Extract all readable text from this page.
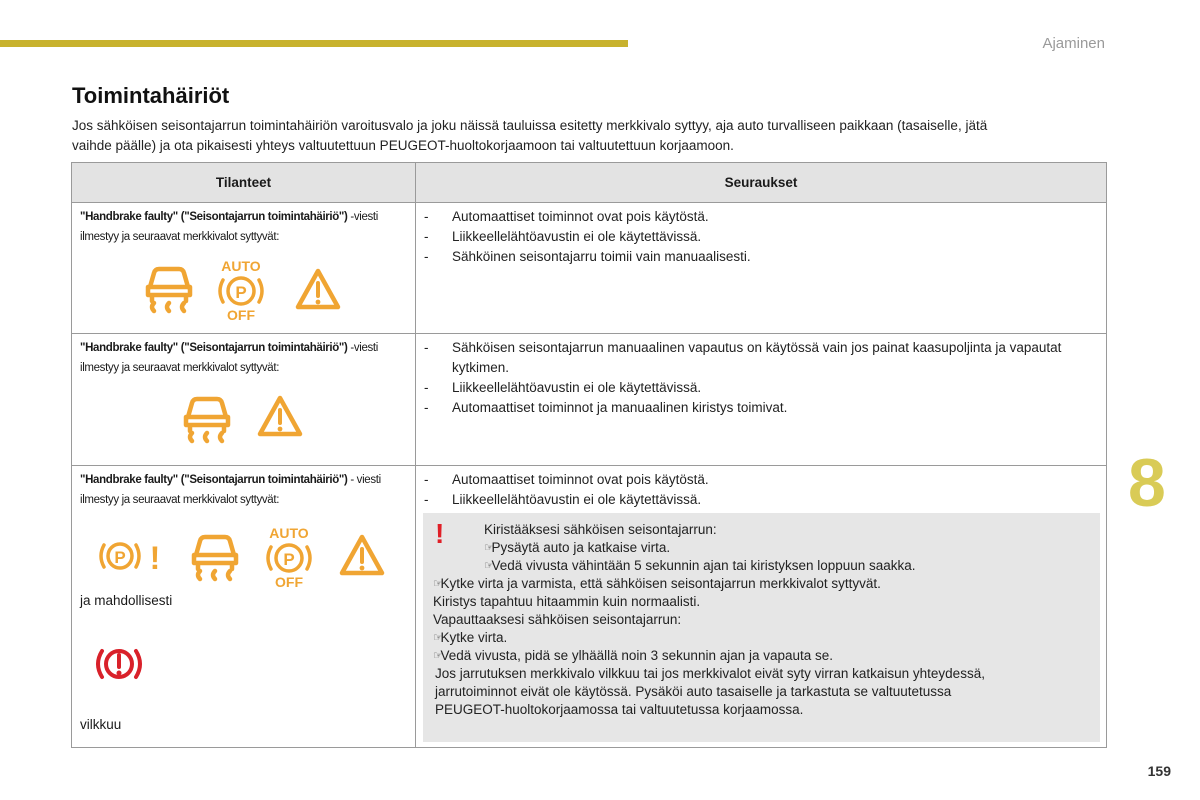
Ajaminen
Toimintahäiriöt
Jos sähköisen seisontajarrun toimintahäiriön varoitusvalo ja joku näissä tauluissa esitetty merkkivalo syttyy, aja auto turvalliseen paikkaan (tasaiselle, jätä
vaihde päälle) ja ota pikaisesti yhteys valtuutettuun PEUGEOT-huoltokorjaamoon tai valtuutettuun korjaamoon.
Tilanteet	Seuraukset
"Handbrake faulty" ("Seisontajarrun toimintahäiriö") -viesti ilmestyy ja seuraavat merkkivalot syttyvät:
AUTO
P
OFF
- Automaattiset toiminnot ovat pois käytöstä.
- Liikkeellelähtöavustin ei ole käytettävissä.
- Sähköinen seisontajarru toimii vain manuaalisesti.
"Handbrake faulty" ("Seisontajarrun toimintahäiriö") -viesti ilmestyy ja seuraavat merkkivalot syttyvät:
- Sähköisen seisontajarrun manuaalinen vapautus on käytössä vain jos painat kaasupoljinta ja vapautat kytkimen.
- Liikkeellelähtöavustin ei ole käytettävissä.
- Automaattiset toiminnot ja manuaalinen kiristys toimivat.
"Handbrake faulty" ("Seisontajarrun toimintahäiriö") - viesti ilmestyy ja seuraavat merkkivalot syttyvät:
P !
AUTO
P
OFF
ja mahdollisesti
vilkkuu
- Automaattiset toiminnot ovat pois käytöstä.
- Liikkeellelähtöavustin ei ole käytettävissä.
!	Kiristääksesi sähköisen seisontajarrun:
☞
Pysäytä auto ja katkaise virta.
☞
Vedä vivusta vähintään 5 sekunnin ajan tai kiristyksen loppuun saakka.
☞
Kytke virta ja varmista, että sähköisen seisontajarrun merkkivalot syttyvät.
Kiristys tapahtuu hitaammin kuin normaalisti.
Vapauttaaksesi sähköisen seisontajarrun:
☞
Kytke virta.
☞
Vedä vivusta, pidä se ylhäällä noin 3 sekunnin ajan ja vapauta se.
Jos jarrutuksen merkkivalo vilkkuu tai jos merkkivalot eivät syty virran katkaisun yhteydessä,
jarrutoiminnot eivät ole käytössä. Pysäköi auto tasaiselle ja tarkastuta se valtuutetussa
PEUGEOT-huoltokorjaamossa tai valtuutetussa korjaamossa.
8
159
